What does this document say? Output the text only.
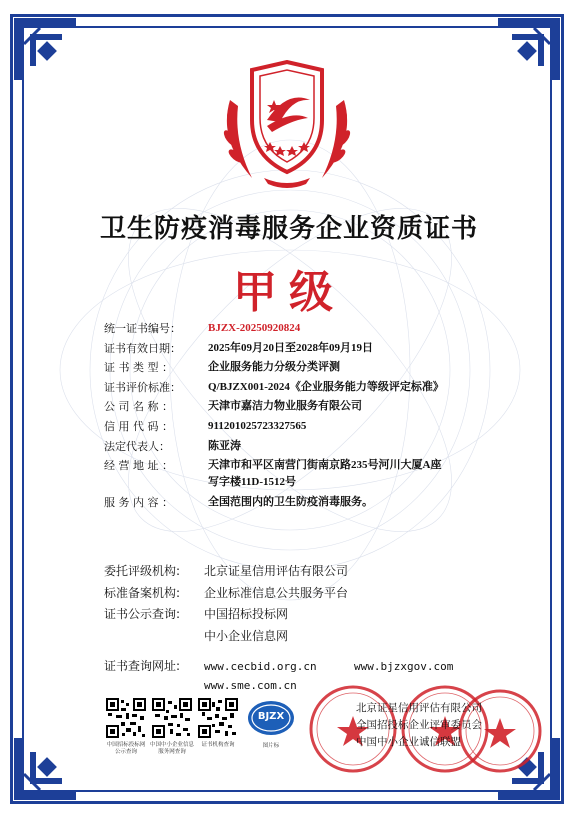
卫生防疫消毒服务企业资质证书
甲级
统一证书编号：	BJZX-20250920824
证书有效日期：	2025年09月20日至2028年09月19日
证 书 类 型 ：	企业服务能力分级分类评测
证书评价标准：	Q/BJZX001-2024《企业服务能力等级评定标准》
公 司 名 称 ：	天津市嘉洁力物业服务有限公司
信 用 代 码 ：	911201025723327565
法定代表人：	陈亚涛
经 营 地 址 ：	天津市和平区南营门街南京路235号河川大厦A座
写字楼11D-1512号
服 务 内 容 ：	全国范围内的卫生防疫消毒服务。
委托评级机构:	北京证星信用评估有限公司
标准备案机构:	企业标准信息公共服务平台
证书公示查询:	中国招标投标网
中小企业信息网
证书查询网址: www.cecbid.org.cn	www.bjzxgov.com
www.sme.com.cn
中国招标投标网
公示查询
中国中小企业信息
服务网查询
证书机构查询
BJZX
图片标
北京证星信用评估有限公司
全国招投标企业评审委员会
中国中小企业诚信联盟
